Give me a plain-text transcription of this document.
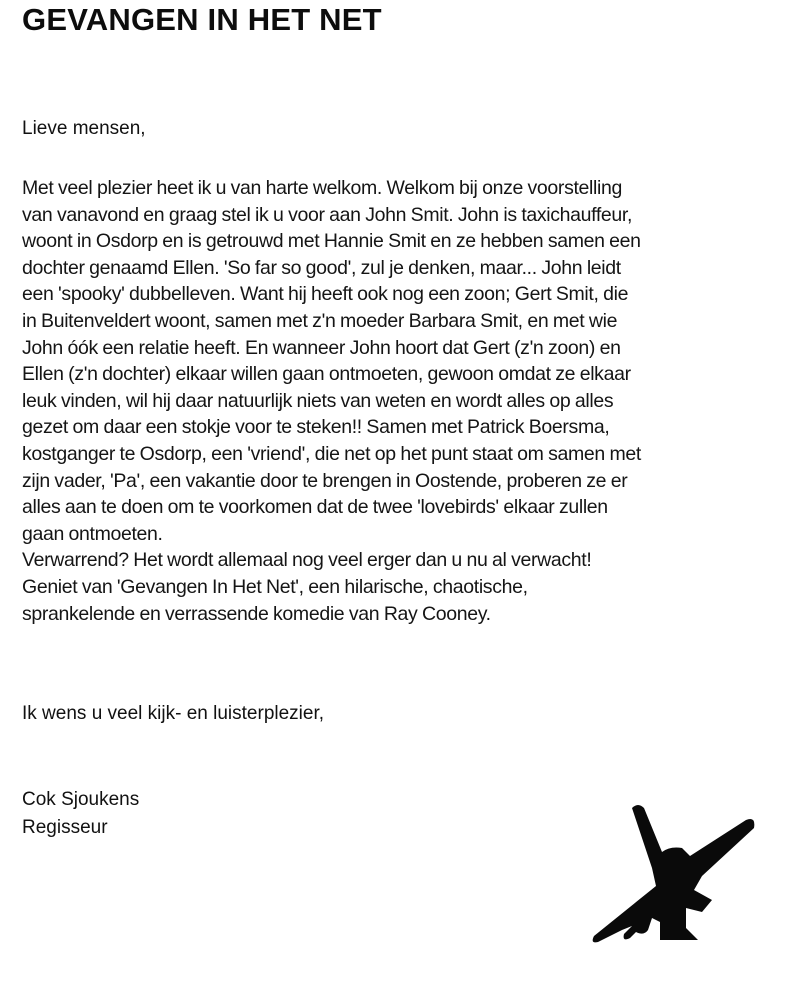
GEVANGEN IN HET NET
Lieve mensen,
Met veel plezier heet ik u van harte welkom. Welkom bij onze voorstelling
van vanavond en graag stel ik u voor aan John Smit. John is taxichauffeur,
woont in Osdorp en is getrouwd met Hannie Smit en ze hebben samen een
dochter genaamd Ellen. 'So far so good', zul je denken, maar... John leidt
een 'spooky' dubbelleven. Want hij heeft ook nog een zoon; Gert Smit, die
in Buitenveldert woont, samen met z'n moeder Barbara Smit, en met wie
John óók een relatie heeft. En wanneer John hoort dat Gert (z'n zoon) en
Ellen (z'n dochter) elkaar willen gaan ontmoeten, gewoon omdat ze elkaar
leuk vinden, wil hij daar natuurlijk niets van weten en wordt alles op alles
gezet om daar een stokje voor te steken!! Samen met Patrick Boersma,
kostganger te Osdorp, een 'vriend', die net op het punt staat om samen met
zijn vader, 'Pa', een vakantie door te brengen in Oostende, proberen ze er
alles aan te doen om te voorkomen dat de twee 'lovebirds' elkaar zullen
gaan ontmoeten.
Verwarrend? Het wordt allemaal nog veel erger dan u nu al verwacht!
Geniet van 'Gevangen In Het Net', een hilarische, chaotische,
sprankelende en verrassende komedie van Ray Cooney.
Ik wens u veel kijk- en luisterplezier,
Cok Sjoukens
Regisseur
